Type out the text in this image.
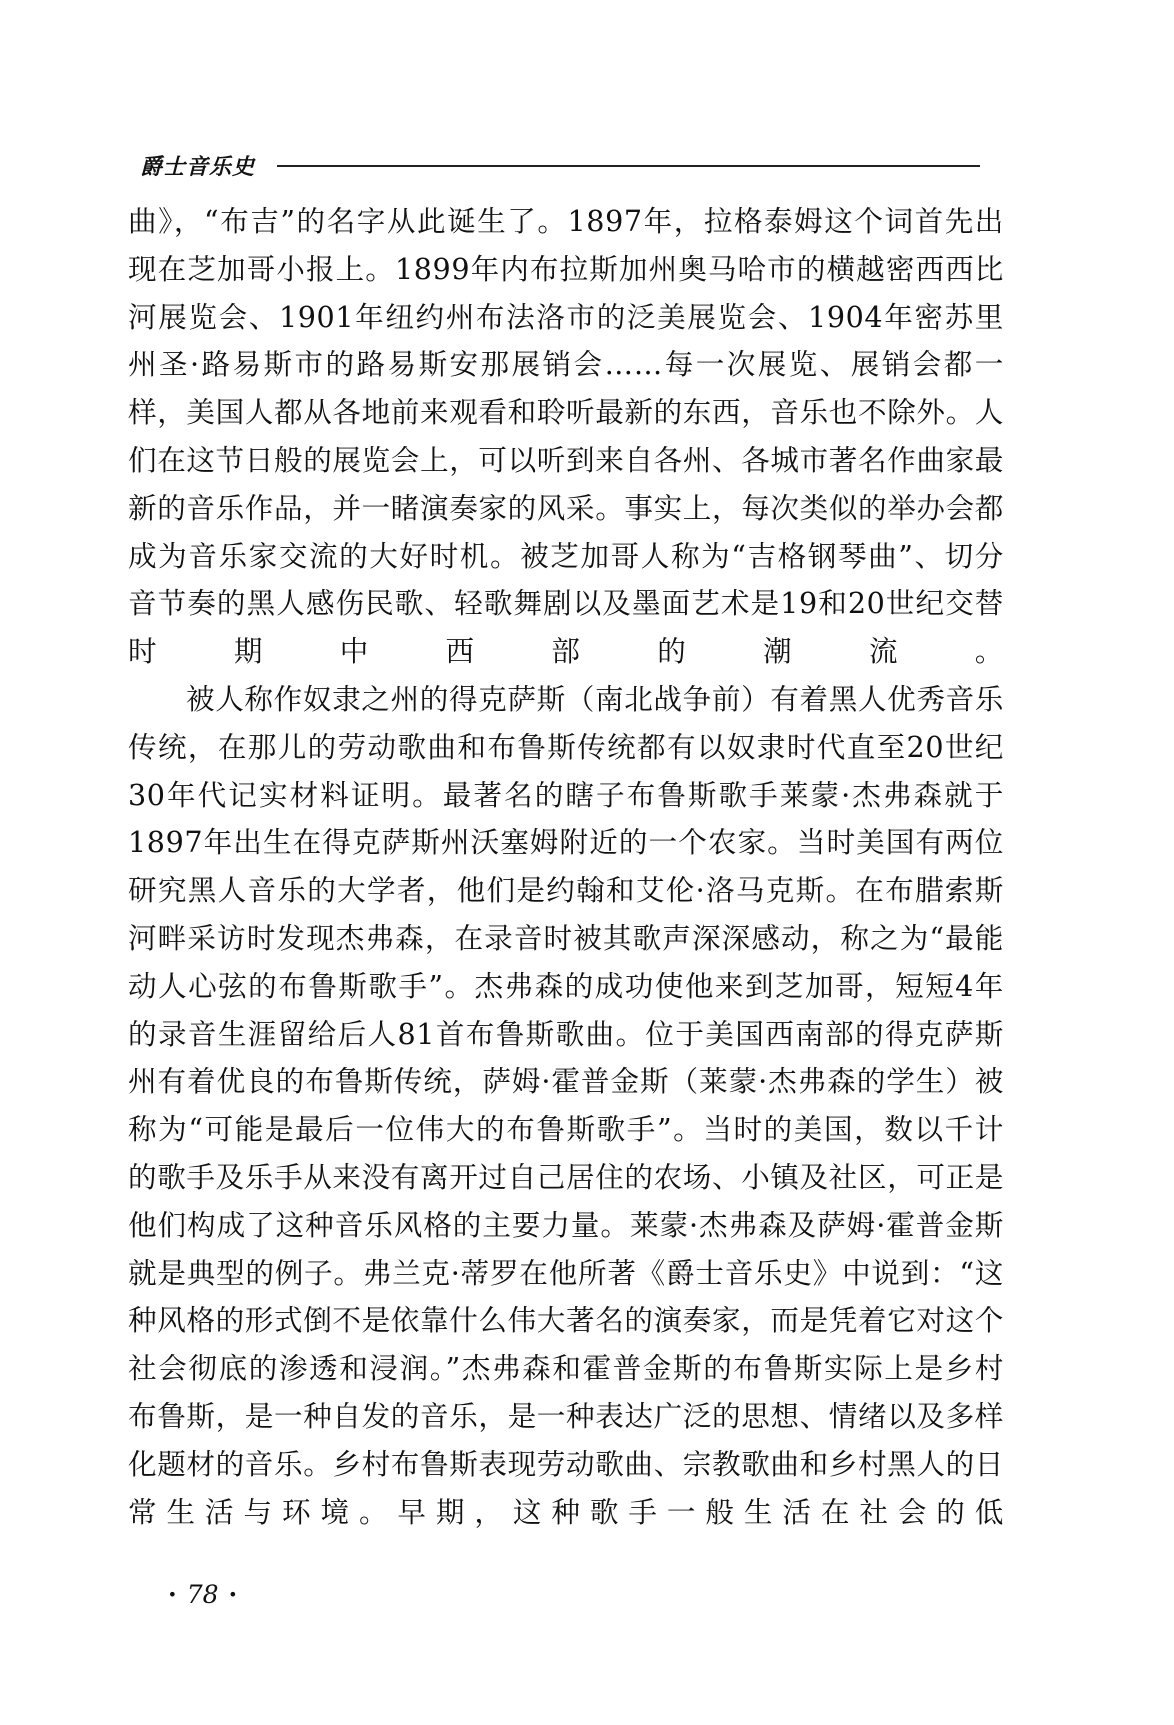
爵士音乐史

曲》，“布吉”的名字从此诞生了。1897年，拉格泰姆这个词首先出现在芝加哥小报上。1899年内布拉斯加州奥马哈市的横越密西西比河展览会、1901年纽约州布法洛市的泛美展览会、1904年密苏里州圣·路易斯市的路易斯安那展销会……每一次展览、展销会都一样，美国人都从各地前来观看和聆听最新的东西，音乐也不除外。人们在这节日般的展览会上，可以听到来自各州、各城市著名作曲家最新的音乐作品，并一睹演奏家的风采。事实上，每次类似的举办会都成为音乐家交流的大好时机。被芝加哥人称为“吉格钢琴曲”、切分音节奏的黑人感伤民歌、轻歌舞剧以及墨面艺术是19和20世纪交替时期中西部的潮流。

被人称作奴隶之州的得克萨斯（南北战争前）有着黑人优秀音乐传统，在那儿的劳动歌曲和布鲁斯传统都有以奴隶时代直至20世纪30年代记实材料证明。最著名的瞎子布鲁斯歌手莱蒙·杰弗森就于1897年出生在得克萨斯州沃塞姆附近的一个农家。当时美国有两位研究黑人音乐的大学者，他们是约翰和艾伦·洛马克斯。在布腊索斯河畔采访时发现杰弗森，在录音时被其歌声深深感动，称之为“最能动人心弦的布鲁斯歌手”。杰弗森的成功使他来到芝加哥，短短4年的录音生涯留给后人81首布鲁斯歌曲。位于美国西南部的得克萨斯州有着优良的布鲁斯传统，萨姆·霍普金斯（莱蒙·杰弗森的学生）被称为“可能是最后一位伟大的布鲁斯歌手”。当时的美国，数以千计的歌手及乐手从来没有离开过自己居住的农场、小镇及社区，可正是他们构成了这种音乐风格的主要力量。莱蒙·杰弗森及萨姆·霍普金斯就是典型的例子。弗兰克·蒂罗在他所著《爵士音乐史》中说到：“这种风格的形式倒不是依靠什么伟大著名的演奏家，而是凭着它对这个社会彻底的渗透和浸润。”杰弗森和霍普金斯的布鲁斯实际上是乡村布鲁斯，是一种自发的音乐，是一种表达广泛的思想、情绪以及多样化题材的音乐。乡村布鲁斯表现劳动歌曲、宗教歌曲和乡村黑人的日常生活与环境。早期，这种歌手一般生活在社会的低

· 78 ·
